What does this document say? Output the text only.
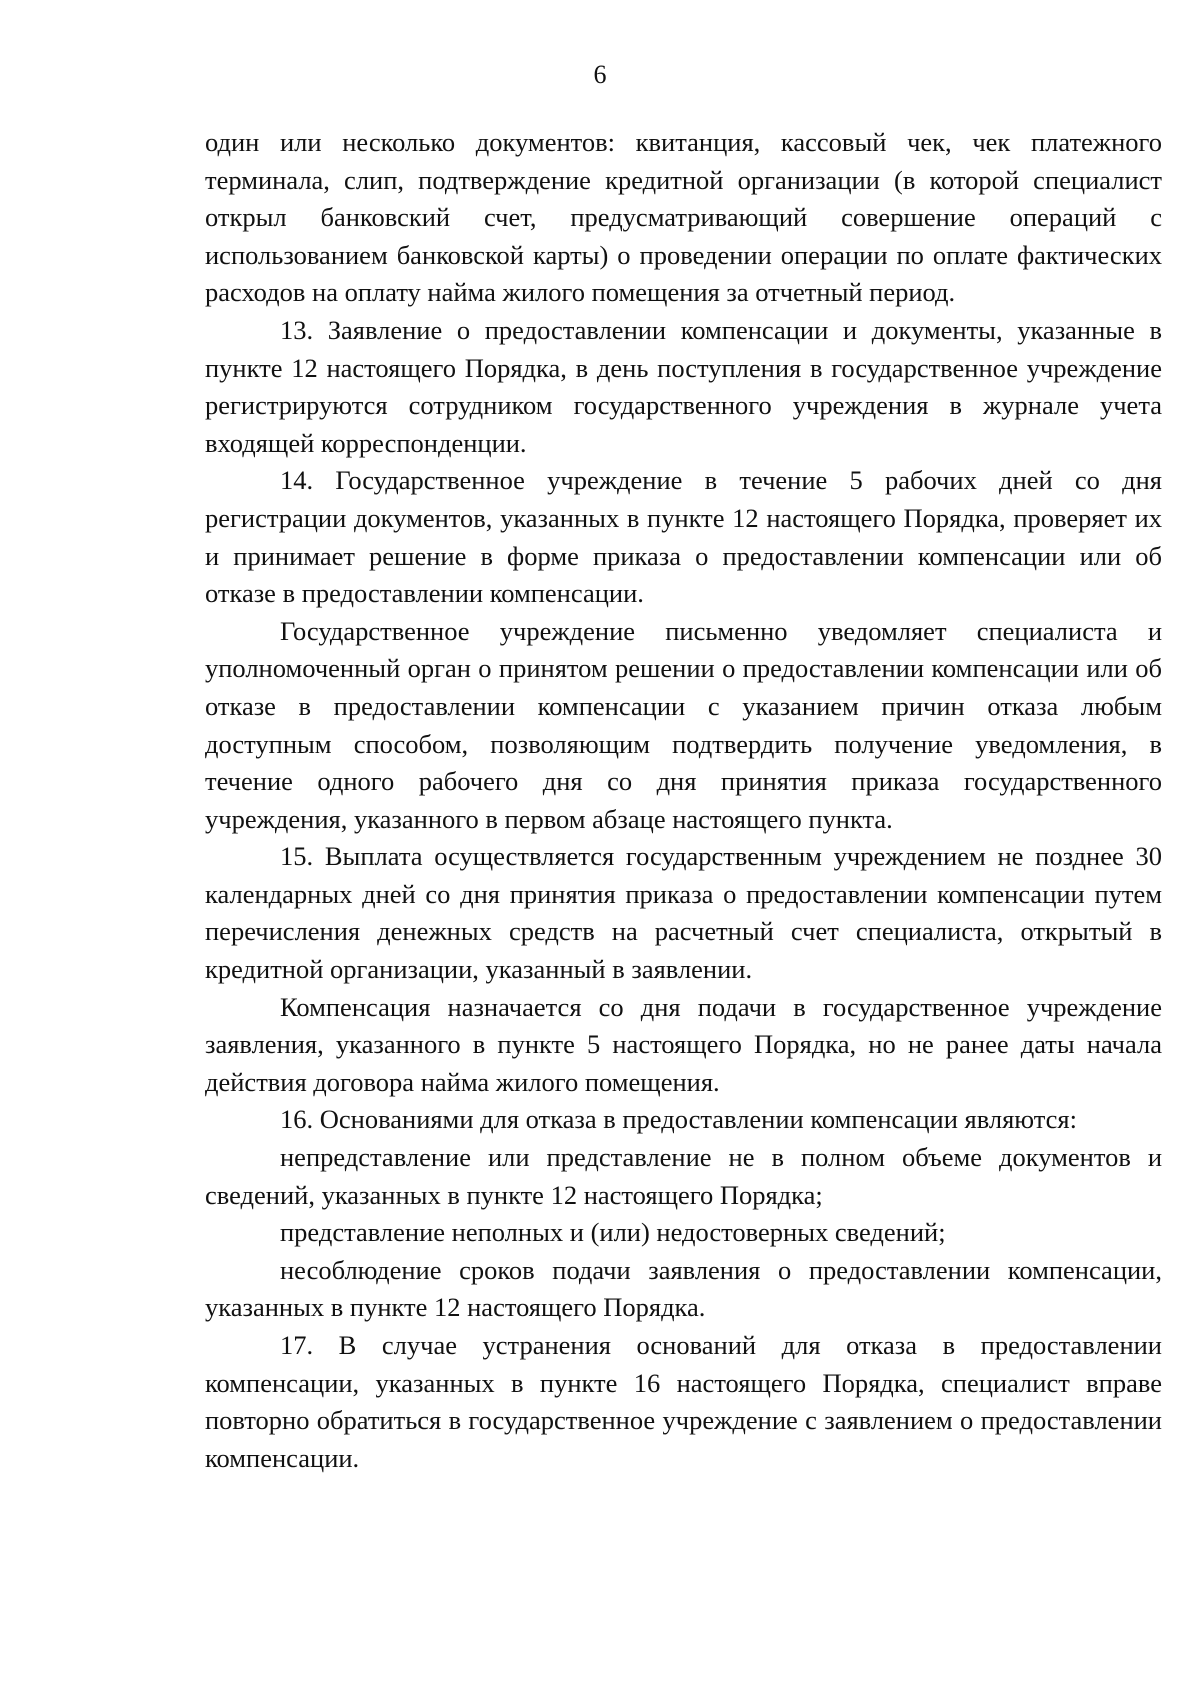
6

один или несколько документов: квитанция, кассовый чек, чек платежного терминала, слип, подтверждение кредитной организации (в которой специалист открыл банковский счет, предусматривающий совершение операций с использованием банковской карты) о проведении операции по оплате фактических расходов на оплату найма жилого помещения за отчетный период.

13. Заявление о предоставлении компенсации и документы, указанные в пункте 12 настоящего Порядка, в день поступления в государственное учреждение регистрируются сотрудником государственного учреждения в журнале учета входящей корреспонденции.

14. Государственное учреждение в течение 5 рабочих дней со дня регистрации документов, указанных в пункте 12 настоящего Порядка, проверяет их и принимает решение в форме приказа о предоставлении компенсации или об отказе в предоставлении компенсации.

Государственное учреждение письменно уведомляет специалиста и уполномоченный орган о принятом решении о предоставлении компенсации или об отказе в предоставлении компенсации с указанием причин отказа любым доступным способом, позволяющим подтвердить получение уведомления, в течение одного рабочего дня со дня принятия приказа государственного учреждения, указанного в первом абзаце настоящего пункта.

15. Выплата осуществляется государственным учреждением не позднее 30 календарных дней со дня принятия приказа о предоставлении компенсации путем перечисления денежных средств на расчетный счет специалиста, открытый в кредитной организации, указанный в заявлении.

Компенсация назначается со дня подачи в государственное учреждение заявления, указанного в пункте 5 настоящего Порядка, но не ранее даты начала действия договора найма жилого помещения.

16. Основаниями для отказа в предоставлении компенсации являются:

непредставление или представление не в полном объеме документов и сведений, указанных в пункте 12 настоящего Порядка;

представление неполных и (или) недостоверных сведений;

несоблюдение сроков подачи заявления о предоставлении компенсации, указанных в пункте 12 настоящего Порядка.

17. В случае устранения оснований для отказа в предоставлении компенсации, указанных в пункте 16 настоящего Порядка, специалист вправе повторно обратиться в государственное учреждение с заявлением о предоставлении компенсации.
